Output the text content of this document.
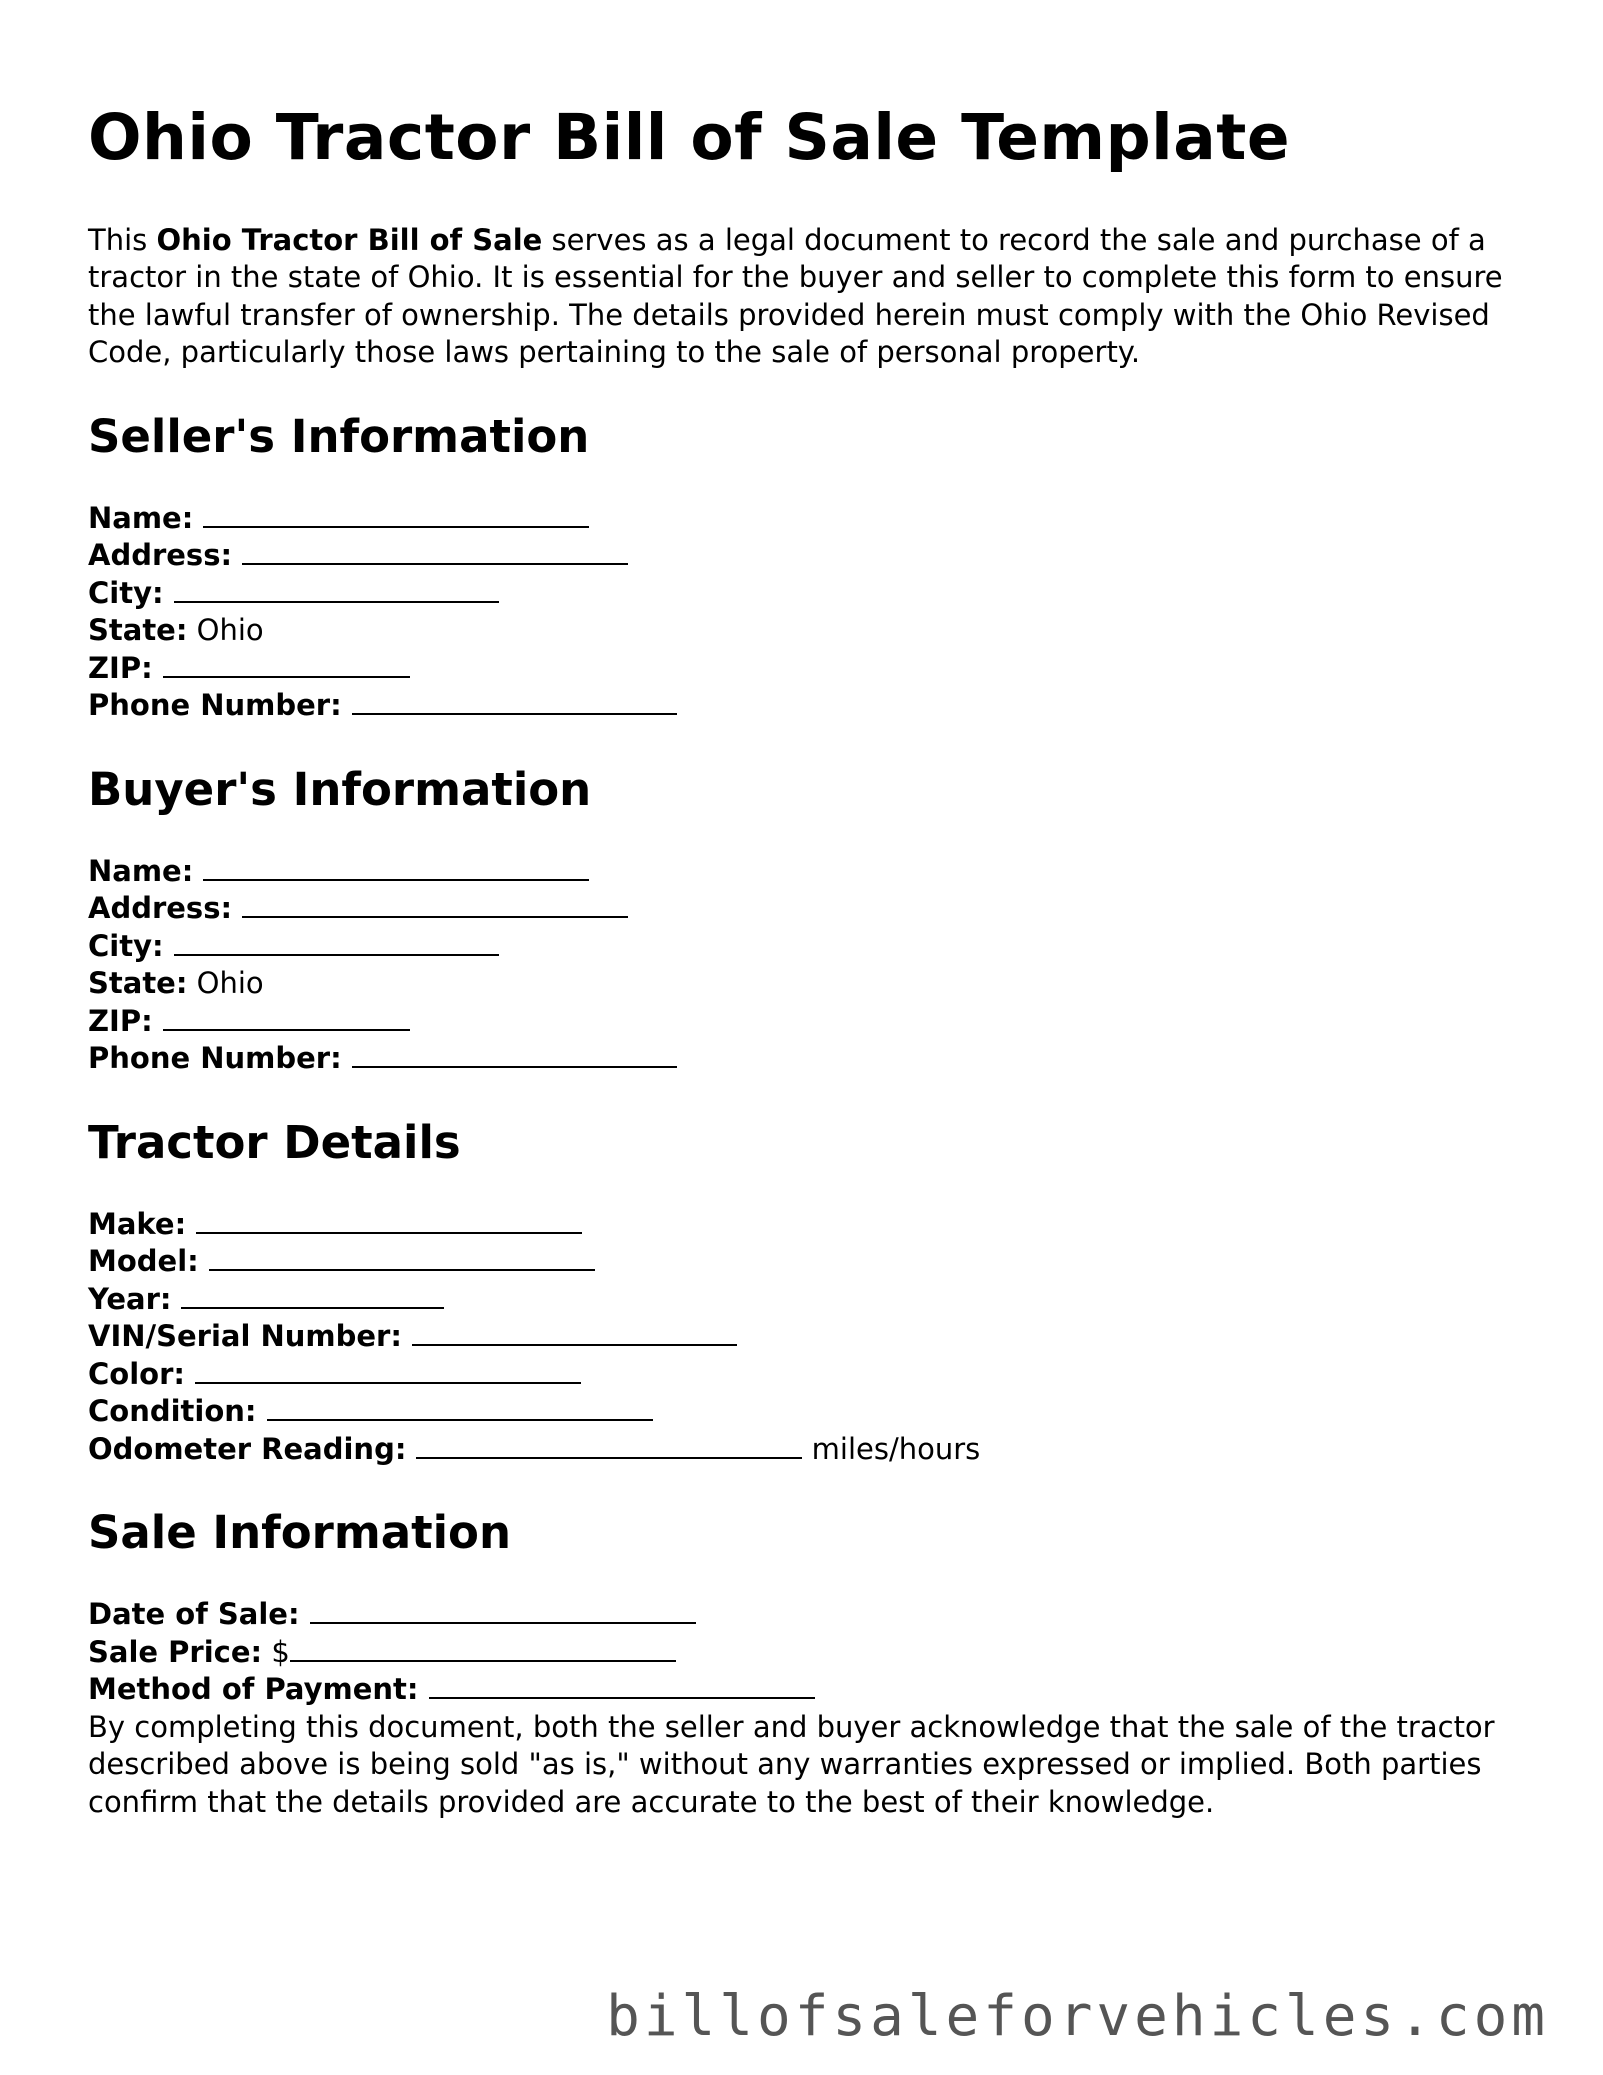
Ohio Tractor Bill of Sale Template

This Ohio Tractor Bill of Sale serves as a legal document to record the sale and purchase of a tractor in the state of Ohio. It is essential for the buyer and seller to complete this form to ensure the lawful transfer of ownership. The details provided herein must comply with the Ohio Revised Code, particularly those laws pertaining to the sale of personal property.

Seller's Information
Name:
Address:
City:
State: Ohio
ZIP:
Phone Number:
Buyer's Information
Name:
Address:
City:
State: Ohio
ZIP:
Phone Number:
Tractor Details
Make:
Model:
Year:
VIN/Serial Number:
Color:
Condition:
Odometer Reading:	miles/hours
Sale Information
Date of Sale:
Sale Price: $
Method of Payment:

By completing this document, both the seller and buyer acknowledge that the sale of the tractor described above is being sold "as is," without any warranties expressed or implied. Both parties confirm that the details provided are accurate to the best of their knowledge.

billofsaleforvehicles.com
